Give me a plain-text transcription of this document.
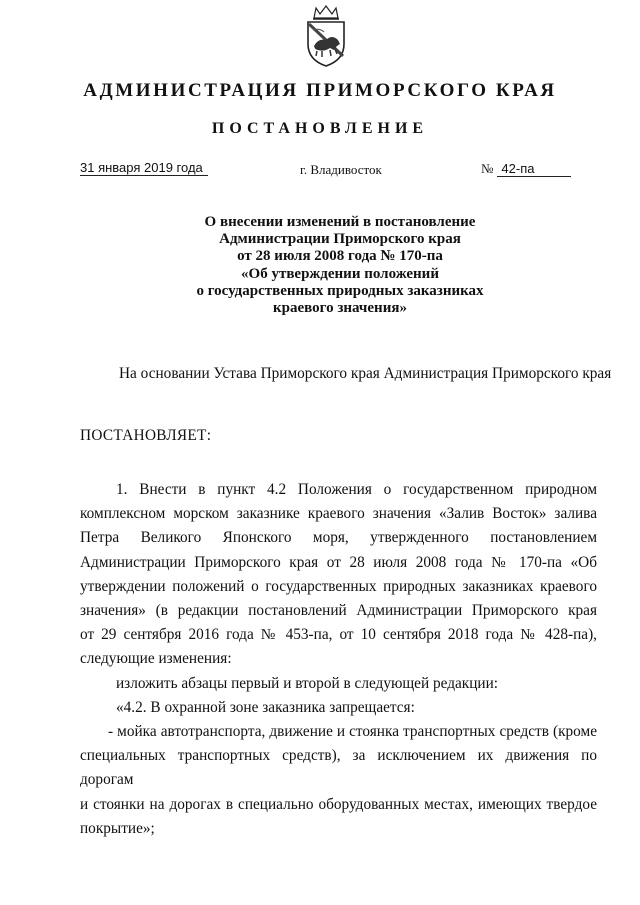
АДМИНИСТРАЦИЯ ПРИМОРСКОГО КРАЯ
ПОСТАНОВЛЕНИЕ
31 января 2019 года	г. Владивосток	№ 42-па
О внесении изменений в постановление
Администрации Приморского края
от 28 июля 2008 года № 170-па
«Об утверждении положений
о государственных природных заказниках
краевого значения»
На основании Устава Приморского края Администрация Приморского края
ПОСТАНОВЛЯЕТ:

1. Внести в пункт 4.2 Положения о государственном природном

комплексном морском заказнике краевого значения «Залив Восток» залива

Петра Великого Японского моря, утвержденного постановлением

Администрации Приморского края от 28 июля 2008 года № 170-па «Об

утверждении положений о государственных природных заказниках краевого

значения» (в редакции постановлений Администрации Приморского края

от 29 сентября 2016 года № 453-па, от 10 сентября 2018 года № 428-па),

следующие изменения:

изложить абзацы первый и второй в следующей редакции:

«4.2. В охранной зоне заказника запрещается:

- мойка автотранспорта, движение и стоянка транспортных средств (кроме

специальных транспортных средств), за исключением их движения по дорогам

и стоянки на дорогах в специально оборудованных местах, имеющих твердое

покрытие»;
